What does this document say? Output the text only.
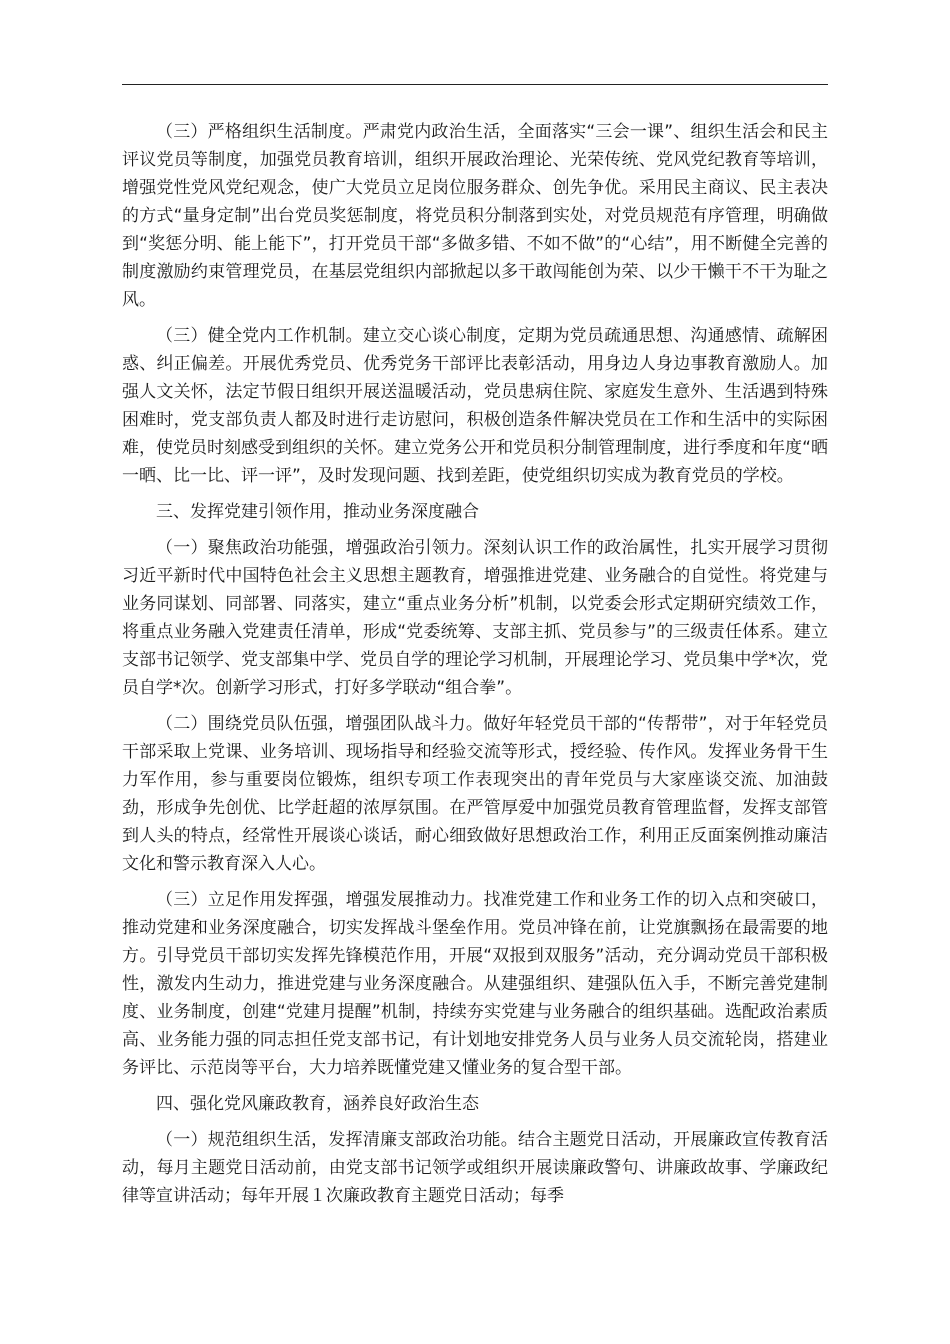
（三）严格组织生活制度。严肃党内政治生活，全面落实“三会一课”、组织生活会和民主评议党员等制度，加强党员教育培训，组织开展政治理论、光荣传统、党风党纪教育等培训，增强党性党风党纪观念，使广大党员立足岗位服务群众、创先争优。采用民主商议、民主表决的方式“量身定制”出台党员奖惩制度，将党员积分制落到实处，对党员规范有序管理，明确做到“奖惩分明、能上能下”，打开党员干部“多做多错、不如不做”的“心结”，用不断健全完善的制度激励约束管理党员，在基层党组织内部掀起以多干敢闯能创为荣、以少干懒干不干为耻之风。

（三）健全党内工作机制。建立交心谈心制度，定期为党员疏通思想、沟通感情、疏解困惑、纠正偏差。开展优秀党员、优秀党务干部评比表彰活动，用身边人身边事教育激励人。加强人文关怀，法定节假日组织开展送温暖活动，党员患病住院、家庭发生意外、生活遇到特殊困难时，党支部负责人都及时进行走访慰问，积极创造条件解决党员在工作和生活中的实际困难，使党员时刻感受到组织的关怀。建立党务公开和党员积分制管理制度，进行季度和年度“晒一晒、比一比、评一评”，及时发现问题、找到差距，使党组织切实成为教育党员的学校。

三、发挥党建引领作用，推动业务深度融合

（一）聚焦政治功能强，增强政治引领力。深刻认识工作的政治属性，扎实开展学习贯彻习近平新时代中国特色社会主义思想主题教育，增强推进党建、业务融合的自觉性。将党建与业务同谋划、同部署、同落实，建立“重点业务分析”机制，以党委会形式定期研究绩效工作，将重点业务融入党建责任清单，形成“党委统筹、支部主抓、党员参与”的三级责任体系。建立支部书记领学、党支部集中学、党员自学的理论学习机制，开展理论学习、党员集中学*次，党员自学*次。创新学习形式，打好多学联动“组合拳”。

（二）围绕党员队伍强，增强团队战斗力。做好年轻党员干部的“传帮带”，对于年轻党员干部采取上党课、业务培训、现场指导和经验交流等形式，授经验、传作风。发挥业务骨干生力军作用，参与重要岗位锻炼，组织专项工作表现突出的青年党员与大家座谈交流、加油鼓劲，形成争先创优、比学赶超的浓厚氛围。在严管厚爱中加强党员教育管理监督，发挥支部管到人头的特点，经常性开展谈心谈话，耐心细致做好思想政治工作，利用正反面案例推动廉洁文化和警示教育深入人心。

（三）立足作用发挥强，增强发展推动力。找准党建工作和业务工作的切入点和突破口，推动党建和业务深度融合，切实发挥战斗堡垒作用。党员冲锋在前，让党旗飘扬在最需要的地方。引导党员干部切实发挥先锋模范作用，开展“双报到双服务”活动，充分调动党员干部积极性，激发内生动力，推进党建与业务深度融合。从建强组织、建强队伍入手，不断完善党建制度、业务制度，创建“党建月提醒”机制，持续夯实党建与业务融合的组织基础。选配政治素质高、业务能力强的同志担任党支部书记，有计划地安排党务人员与业务人员交流轮岗，搭建业务评比、示范岗等平台，大力培养既懂党建又懂业务的复合型干部。

四、强化党风廉政教育，涵养良好政治生态

（一）规范组织生活，发挥清廉支部政治功能。结合主题党日活动，开展廉政宣传教育活动，每月主题党日活动前，由党支部书记领学或组织开展读廉政警句、讲廉政故事、学廉政纪律等宣讲活动；每年开展１次廉政教育主题党日活动；每季
